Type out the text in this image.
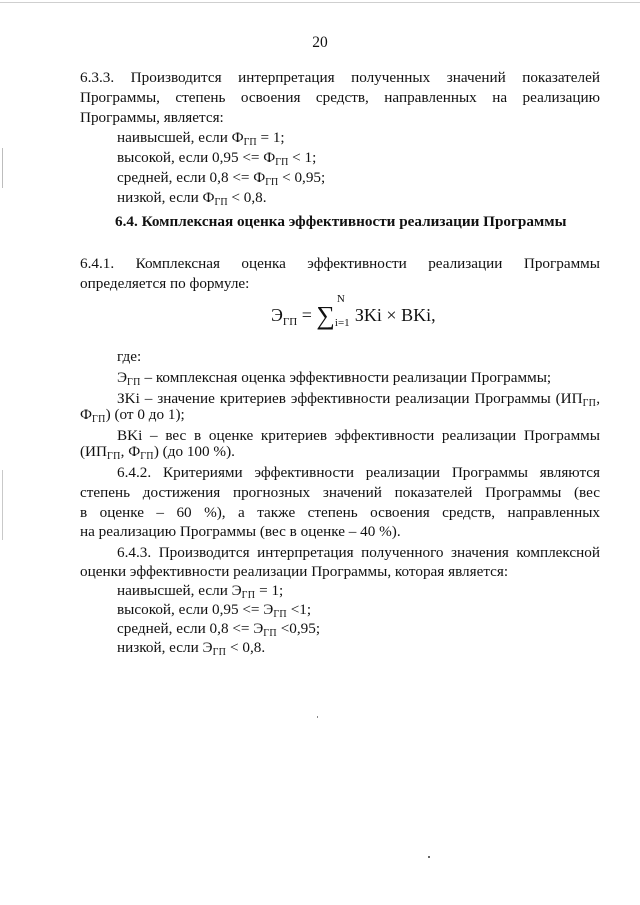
20
6.3.3. Производится интерпретация полученных значений показателей
Программы, степень освоения средств, направленных на реализацию
Программы, является:
наивысшей, если ФГП = 1;
высокой, если 0,95 <= ФГП < 1;
средней, если 0,8 <= ФГП < 0,95;
низкой, если ФГП < 0,8.
6.4. Комплексная оценка эффективности реализации Программы
6.4.1. Комплексная оценка эффективности реализации Программы
определяется по формуле:
$Э_{ГП}$ = ∑
N
i=1 ЗKi × ВKi,
где:
$Э_{ГП}$ – комплексная оценка эффективности реализации Программы;
ЗKi – значение критериев эффективности реализации Программы ($ИП_{ГП}$,
$Ф_{ГП}$) (от 0 до 1);
ВKi – вес в оценке критериев эффективности реализации Программы
($ИП_{ГП}$, $Ф_{ГП}$) (до 100 %).
6.4.2. Критериями эффективности реализации Программы являются
степень достижения прогнозных значений показателей Программы (вес
в оценке – 60 %), а также степень освоения средств, направленных
на реализацию Программы (вес в оценке – 40 %).
6.4.3. Производится интерпретация полученного значения комплексной
оценки эффективности реализации Программы, которая является:
наивысшей, если $Э_{ГП} = 1$;
высокой, если $0,95 <= Э_{ГП} <1$;
средней, если $0,8 <= Э_{ГП} <0,95$;
низкой, если $Э_{ГП} < 0,8$.
